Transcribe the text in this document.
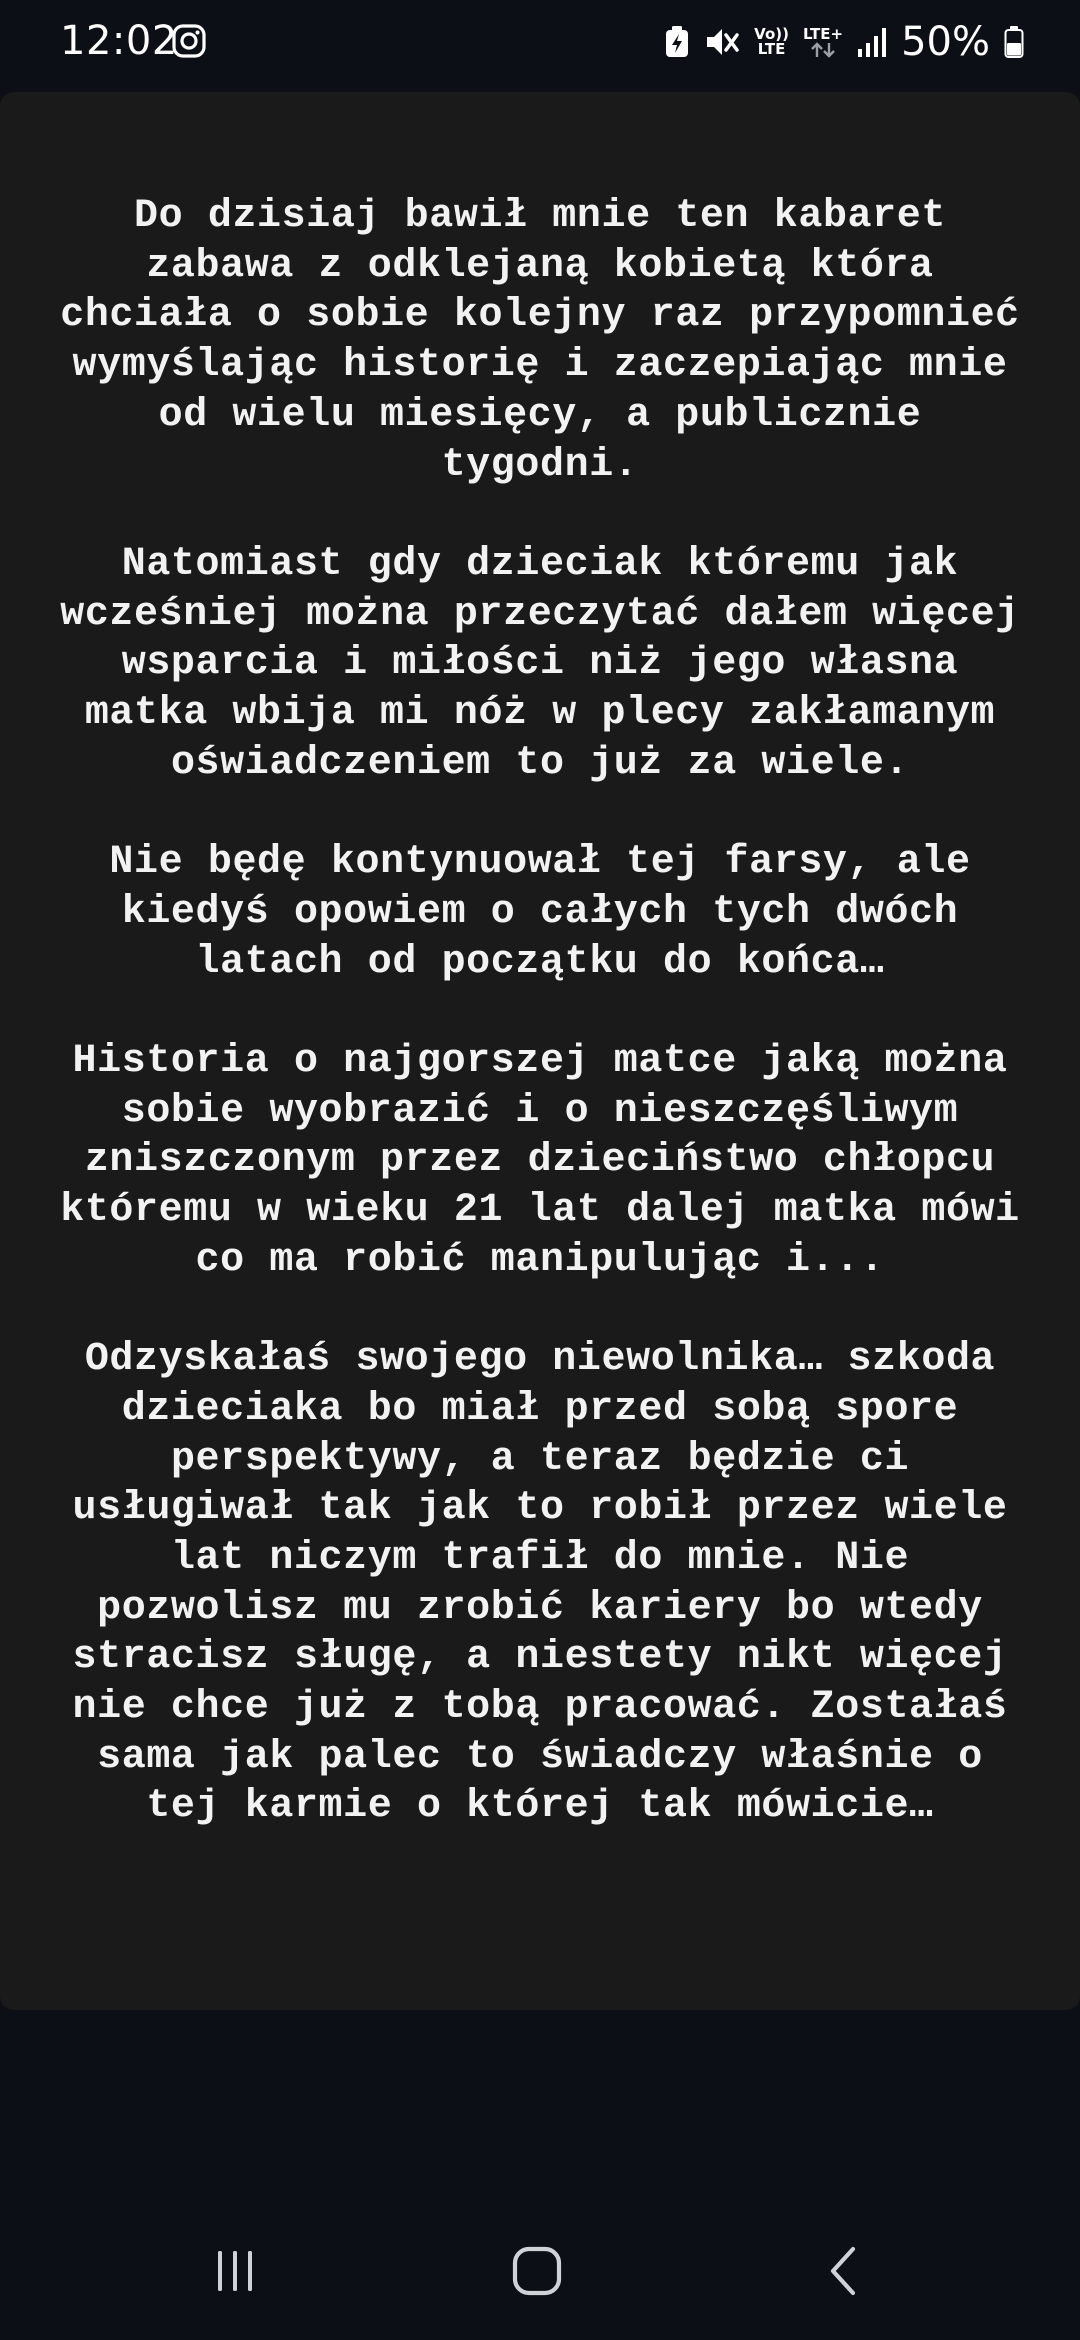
12:02	Vo))
LTE
LTE+ 50%

Do dzisiaj bawił mnie ten kabaret zabawa z odklejaną kobietą która chciała o sobie kolejny raz przypomnieć wymyślając historię i zaczepiając mnie od wielu miesięcy, a publicznie tygodni.

Natomiast gdy dzieciak któremu jak wcześniej można przeczytać dałem więcej wsparcia i miłości niż jego własna matka wbija mi nóż w plecy zakłamanym oświadczeniem to już za wiele.

Nie będę kontynuował tej farsy, ale kiedyś opowiem o całych tych dwóch latach od początku do końca…

Historia o najgorszej matce jaką można sobie wyobrazić i o nieszczęśliwym zniszczonym przez dzieciństwo chłopcu któremu w wieku 21 lat dalej matka mówi co ma robić manipulując i...

Odzyskałaś swojego niewolnika… szkoda dzieciaka bo miał przed sobą spore perspektywy, a teraz będzie ci usługiwał tak jak to robił przez wiele lat niczym trafił do mnie. Nie pozwolisz mu zrobić kariery bo wtedy stracisz sługę, a niestety nikt więcej nie chce już z tobą pracować. Zostałaś sama jak palec to świadczy właśnie o tej karmie o której tak mówicie…
